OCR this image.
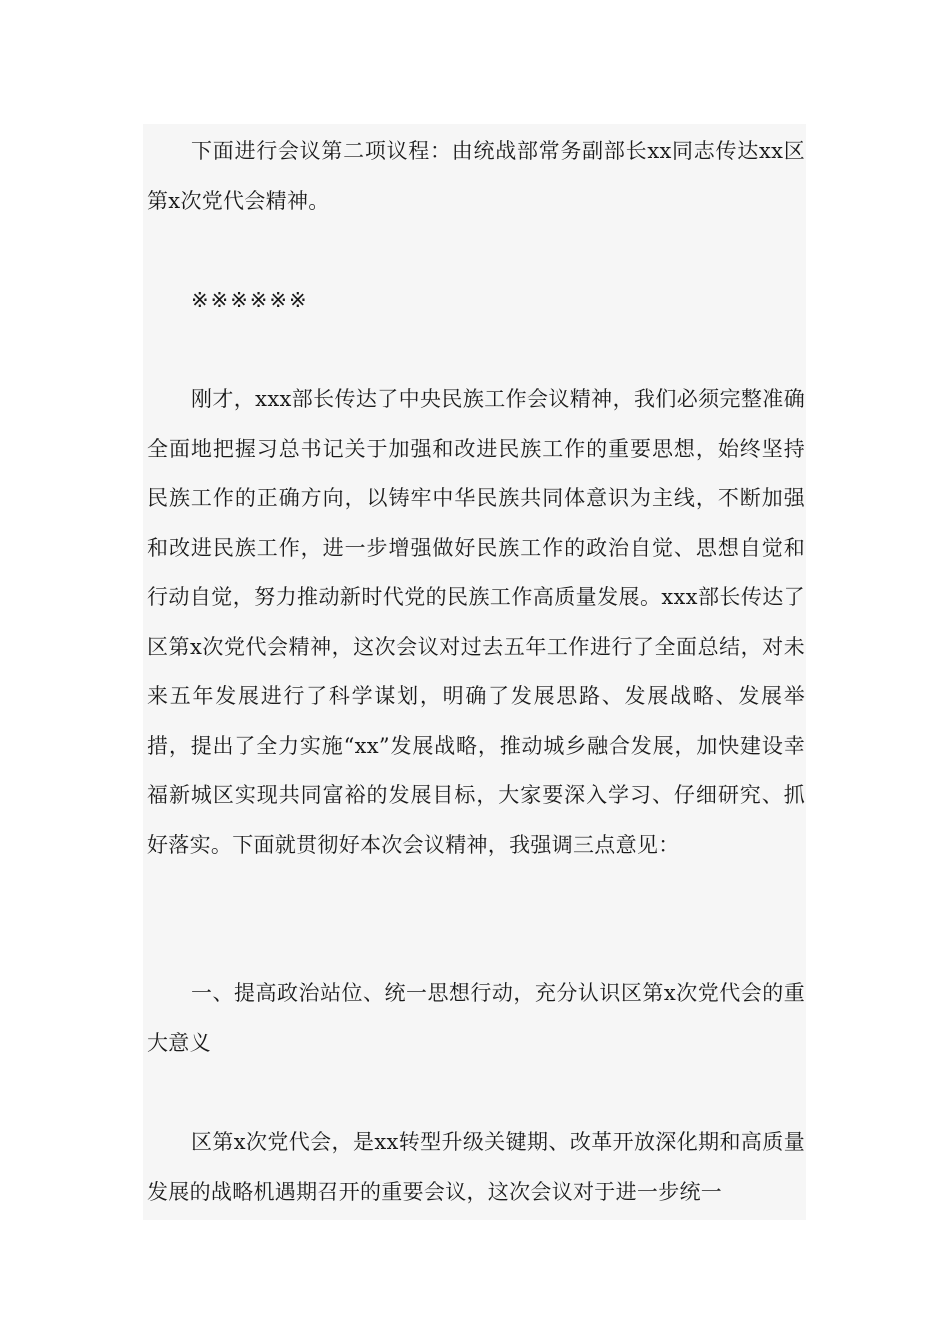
下面进行会议第二项议程：由统战部常务副部长xx同志传达xx区第x次党代会精神。

※※※※※※

刚才，xxx部长传达了中央民族工作会议精神，我们必须完整准确全面地把握习总书记关于加强和改进民族工作的重要思想，始终坚持民族工作的正确方向，以铸牢中华民族共同体意识为主线，不断加强和改进民族工作，进一步增强做好民族工作的政治自觉、思想自觉和行动自觉，努力推动新时代党的民族工作高质量发展。xxx部长传达了区第x次党代会精神，这次会议对过去五年工作进行了全面总结，对未来五年发展进行了科学谋划，明确了发展思路、发展战略、发展举措，提出了全力实施“xx”发展战略，推动城乡融合发展，加快建设幸福新城区实现共同富裕的发展目标，大家要深入学习、仔细研究、抓好落实。下面就贯彻好本次会议精神，我强调三点意见：

一、提高政治站位、统一思想行动，充分认识区第x次党代会的重大意义

区第x次党代会，是xx转型升级关键期、改革开放深化期和高质量发展的战略机遇期召开的重要会议，这次会议对于进一步统一
